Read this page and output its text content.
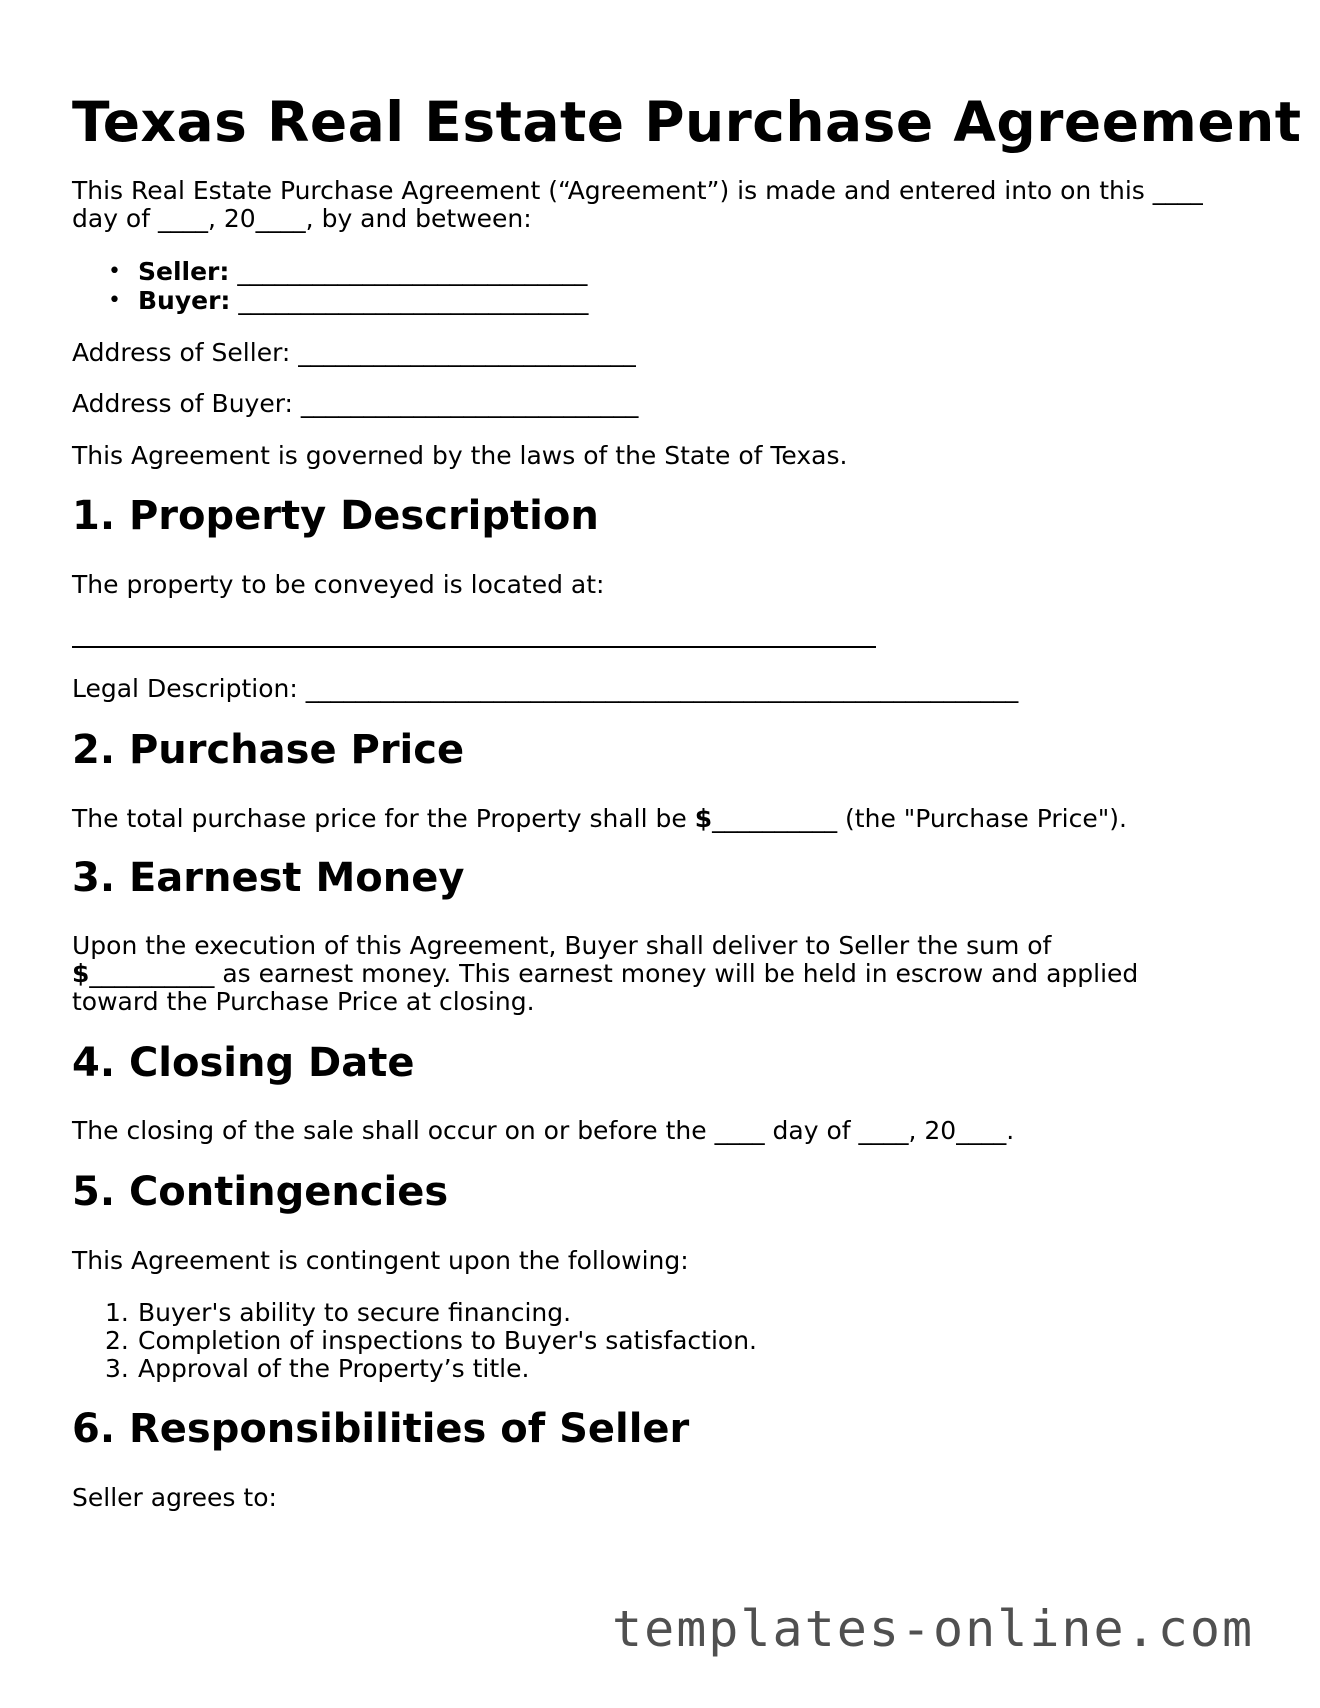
Texas Real Estate Purchase Agreement

This Real Estate Purchase Agreement (“Agreement”) is made and entered into on this ____

day of ____, 20____, by and between:

• Seller: ____________________________
• Buyer: ____________________________

Address of Seller: ___________________________

Address of Buyer: ___________________________

This Agreement is governed by the laws of the State of Texas.

1. Property Description

The property to be conveyed is located at:

Legal Description: _________________________________________________________

2. Purchase Price

The total purchase price for the Property shall be $__________ (the "Purchase Price").

3. Earnest Money

Upon the execution of this Agreement, Buyer shall deliver to Seller the sum of

$__________ as earnest money. This earnest money will be held in escrow and applied

toward the Purchase Price at closing.

4. Closing Date

The closing of the sale shall occur on or before the ____ day of ____, 20____.

5. Contingencies

This Agreement is contingent upon the following:

1. Buyer's ability to secure financing.
2. Completion of inspections to Buyer's satisfaction.
3. Approval of the Property’s title.
6. Responsibilities of Seller

Seller agrees to:

templates-online.com
